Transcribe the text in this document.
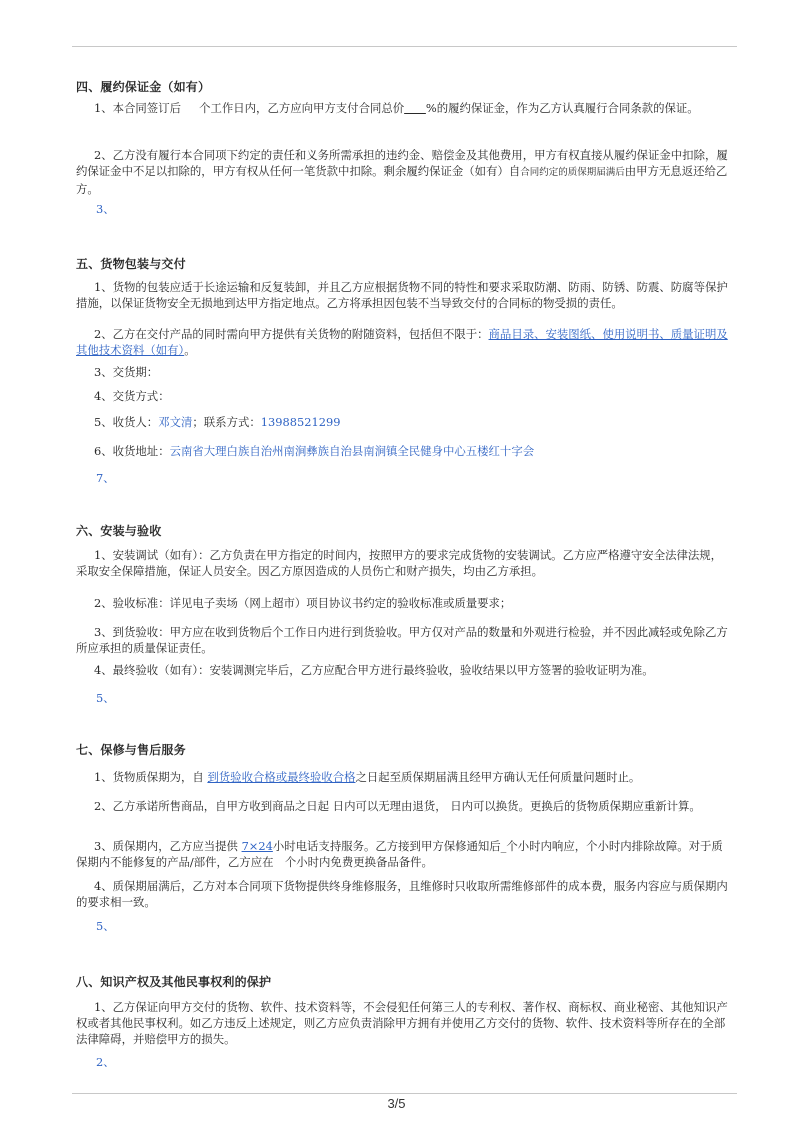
四、履约保证金（如有）
1、本合同签订后 个工作日内，乙方应向甲方支付合同总价 %的履约保证金，作为乙方认真履行合同条款的保证。
2、乙方没有履行本合同项下约定的责任和义务所需承担的违约金、赔偿金及其他费用，甲方有权直接从履约保证金中扣除，履约保证金中不足以扣除的，甲方有权从任何一笔货款中扣除。剩余履约保证金（如有）自合同约定的质保期届满后由甲方无息返还给乙方。
3、
五、货物包装与交付
1、货物的包装应适于长途运输和反复装卸，并且乙方应根据货物不同的特性和要求采取防潮、防雨、防锈、防震、防腐等保护措施，以保证货物安全无损地到达甲方指定地点。乙方将承担因包装不当导致交付的合同标的物受损的责任。
2、乙方在交付产品的同时需向甲方提供有关货物的附随资料，包括但不限于：商品目录、安装图纸、使用说明书、质量证明及其他技术资料（如有）。
3、交货期：
4、交货方式：
5、收货人：邓文清；联系方式：13988521299
6、收货地址：云南省大理白族自治州南涧彝族自治县南涧镇全民健身中心五楼红十字会
7、
六、安装与验收
1、安装调试（如有）：乙方负责在甲方指定的时间内，按照甲方的要求完成货物的安装调试。乙方应严格遵守安全法律法规，采取安全保障措施，保证人员安全。因乙方原因造成的人员伤亡和财产损失，均由乙方承担。
2、验收标准：详见电子卖场（网上超市）项目协议书约定的验收标准或质量要求；
3、到货验收：甲方应在收到货物后个工作日内进行到货验收。甲方仅对产品的数量和外观进行检验，并不因此减轻或免除乙方所应承担的质量保证责任。
4、最终验收（如有）：安装调测完毕后，乙方应配合甲方进行最终验收，验收结果以甲方签署的验收证明为准。
5、
七、保修与售后服务
1、货物质保期为，自 到货验收合格或最终验收合格之日起至质保期届满且经甲方确认无任何质量问题时止。
2、乙方承诺所售商品，自甲方收到商品之日起 日内可以无理由退货， 日内可以换货。更换后的货物质保期应重新计算。
3、质保期内，乙方应当提供 7×24小时电话支持服务。乙方接到甲方保修通知后_个小时内响应，个小时内排除故障。对于质保期内不能修复的产品/部件，乙方应在　个小时内免费更换备品备件。
4、质保期届满后，乙方对本合同项下货物提供终身维修服务，且维修时只收取所需维修部件的成本费，服务内容应与质保期内的要求相一致。
5、
八、知识产权及其他民事权利的保护
1、乙方保证向甲方交付的货物、软件、技术资料等，不会侵犯任何第三人的专利权、著作权、商标权、商业秘密、其他知识产权或者其他民事权利。如乙方违反上述规定，则乙方应负责消除甲方拥有并使用乙方交付的货物、软件、技术资料等所存在的全部法律障碍，并赔偿甲方的损失。
2、
3/5
